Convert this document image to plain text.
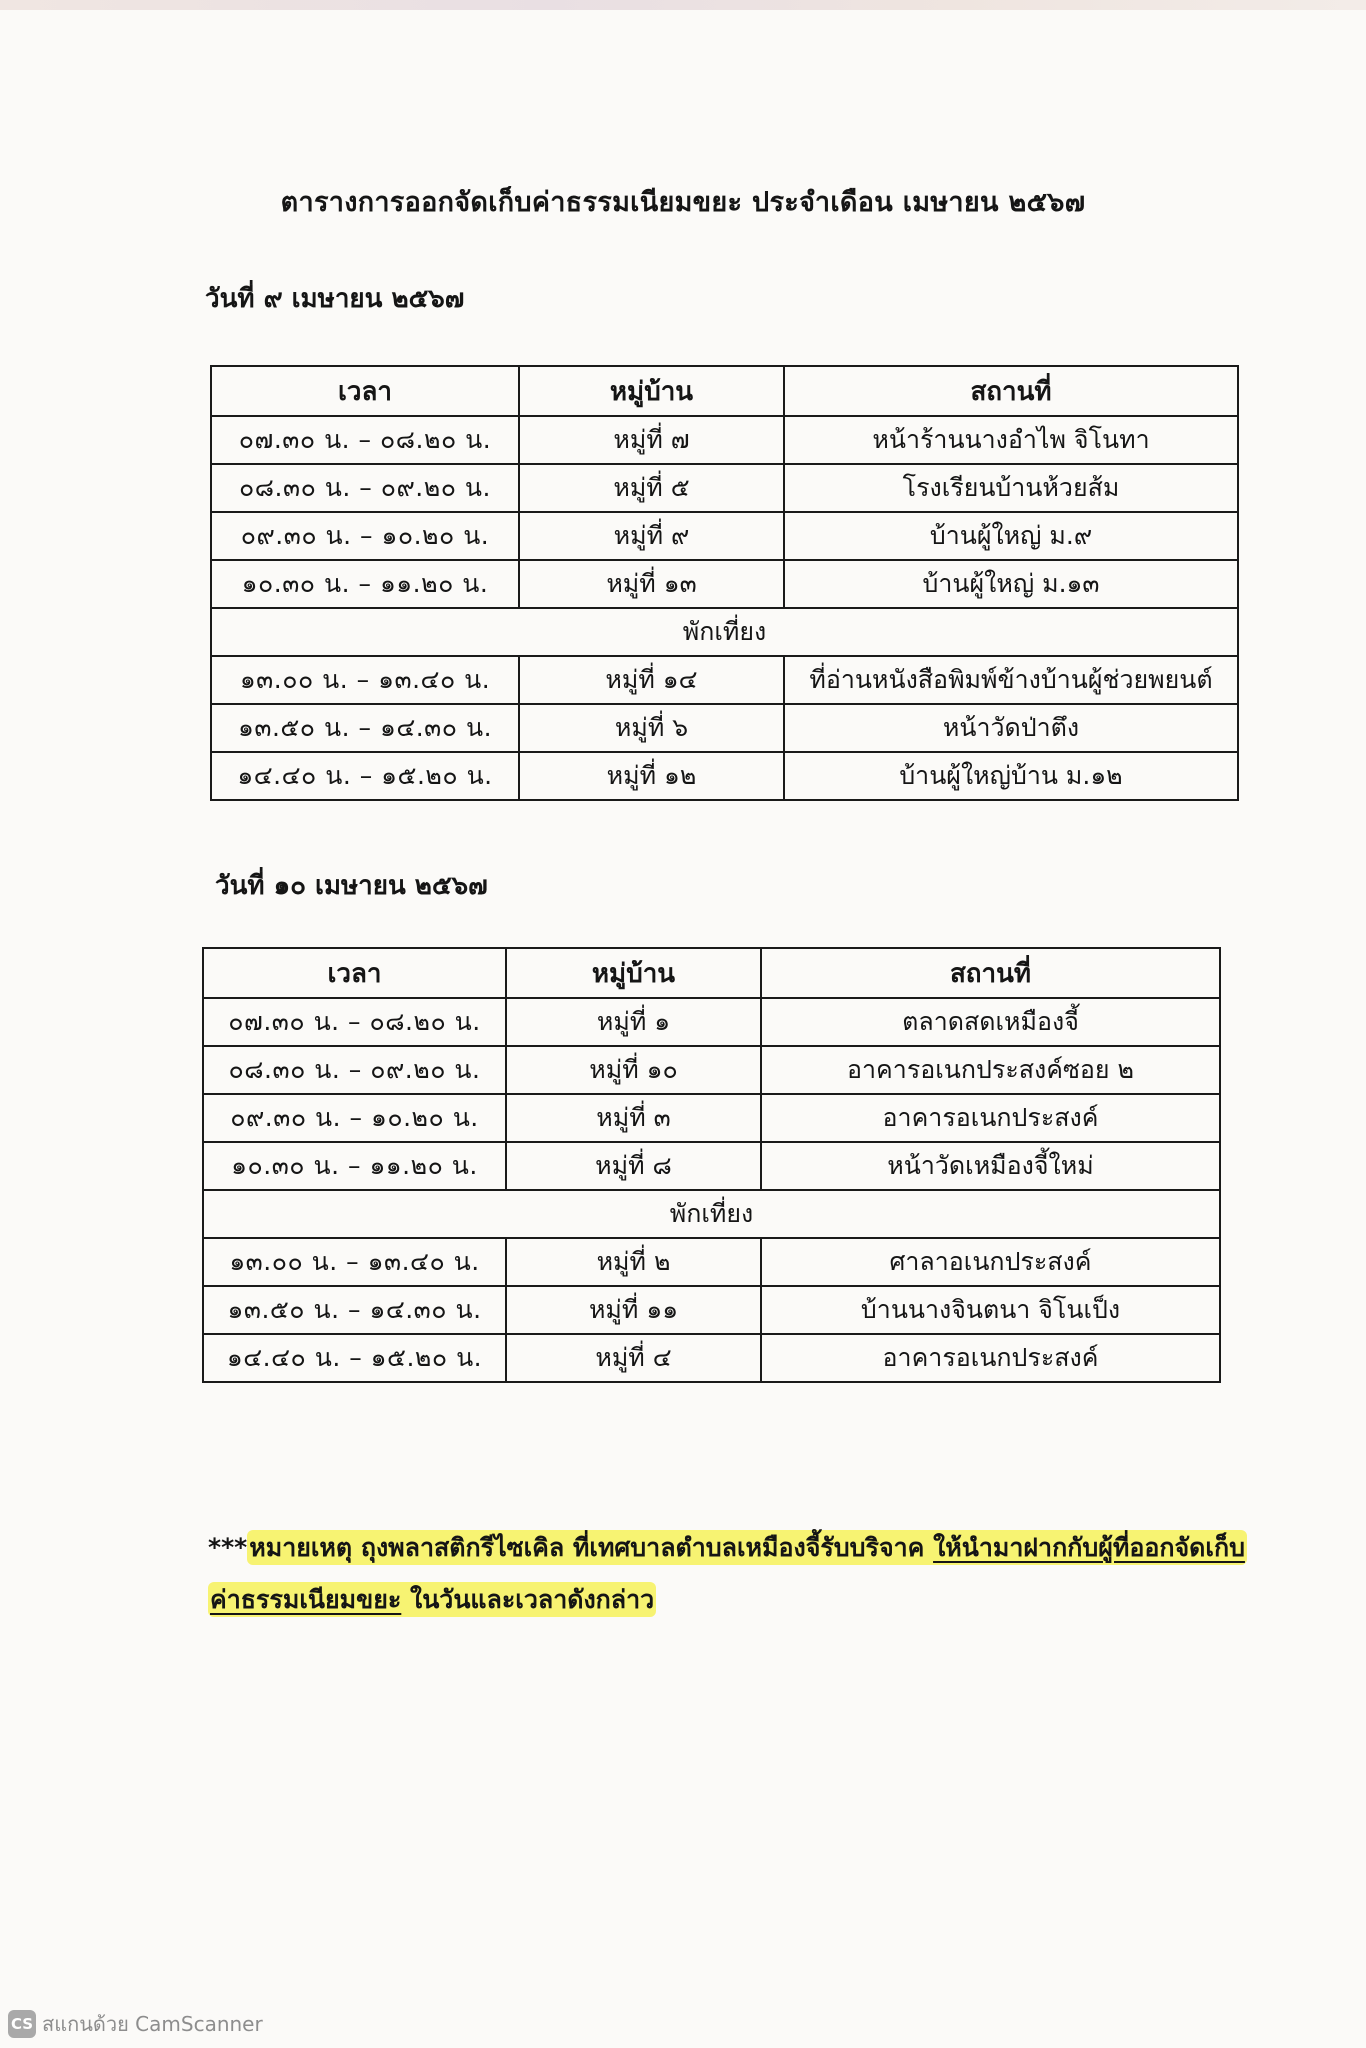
ตารางการออกจัดเก็บค่าธรรมเนียมขยะ ประจำเดือน เมษายน ๒๕๖๗
วันที่ ๙ เมษายน ๒๕๖๗
เวลา	หมู่บ้าน	สถานที่
๐๗.๓๐ น. – ๐๘.๒๐ น.	หมู่ที่ ๗	หน้าร้านนางอำไพ จิโนทา
๐๘.๓๐ น. – ๐๙.๒๐ น.	หมู่ที่ ๕	โรงเรียนบ้านห้วยส้ม
๐๙.๓๐ น. – ๑๐.๒๐ น.	หมู่ที่ ๙	บ้านผู้ใหญ่ ม.๙
๑๐.๓๐ น. – ๑๑.๒๐ น.	หมู่ที่ ๑๓	บ้านผู้ใหญ่ ม.๑๓
พักเที่ยง		
๑๓.๐๐ น. – ๑๓.๔๐ น.	หมู่ที่ ๑๔	ที่อ่านหนังสือพิมพ์ข้างบ้านผู้ช่วยพยนต์
๑๓.๕๐ น. – ๑๔.๓๐ น.	หมู่ที่ ๖	หน้าวัดป่าตึง
๑๔.๔๐ น. – ๑๕.๒๐ น.	หมู่ที่ ๑๒	บ้านผู้ใหญ่บ้าน ม.๑๒
วันที่ ๑๐ เมษายน ๒๕๖๗
เวลา	หมู่บ้าน	สถานที่
๐๗.๓๐ น. – ๐๘.๒๐ น.	หมู่ที่ ๑	ตลาดสดเหมืองจี้
๐๘.๓๐ น. – ๐๙.๒๐ น.	หมู่ที่ ๑๐	อาคารอเนกประสงค์ซอย ๒
๐๙.๓๐ น. – ๑๐.๒๐ น.	หมู่ที่ ๓	อาคารอเนกประสงค์
๑๐.๓๐ น. – ๑๑.๒๐ น.	หมู่ที่ ๘	หน้าวัดเหมืองจี้ใหม่
พักเที่ยง		
๑๓.๐๐ น. – ๑๓.๔๐ น.	หมู่ที่ ๒	ศาลาอเนกประสงค์
๑๓.๕๐ น. – ๑๔.๓๐ น.	หมู่ที่ ๑๑	บ้านนางจินตนา จิโนเป็ง
๑๔.๔๐ น. – ๑๕.๒๐ น.	หมู่ที่ ๔	อาคารอเนกประสงค์
***หมายเหตุ ถุงพลาสติกรีไซเคิล ที่เทศบาลตำบลเหมืองจี้รับบริจาค ให้นำมาฝากกับผู้ที่ออกจัดเก็บค่าธรรมเนียมขยะ ในวันและเวลาดังกล่าว
CS สแกนด้วย CamScanner
